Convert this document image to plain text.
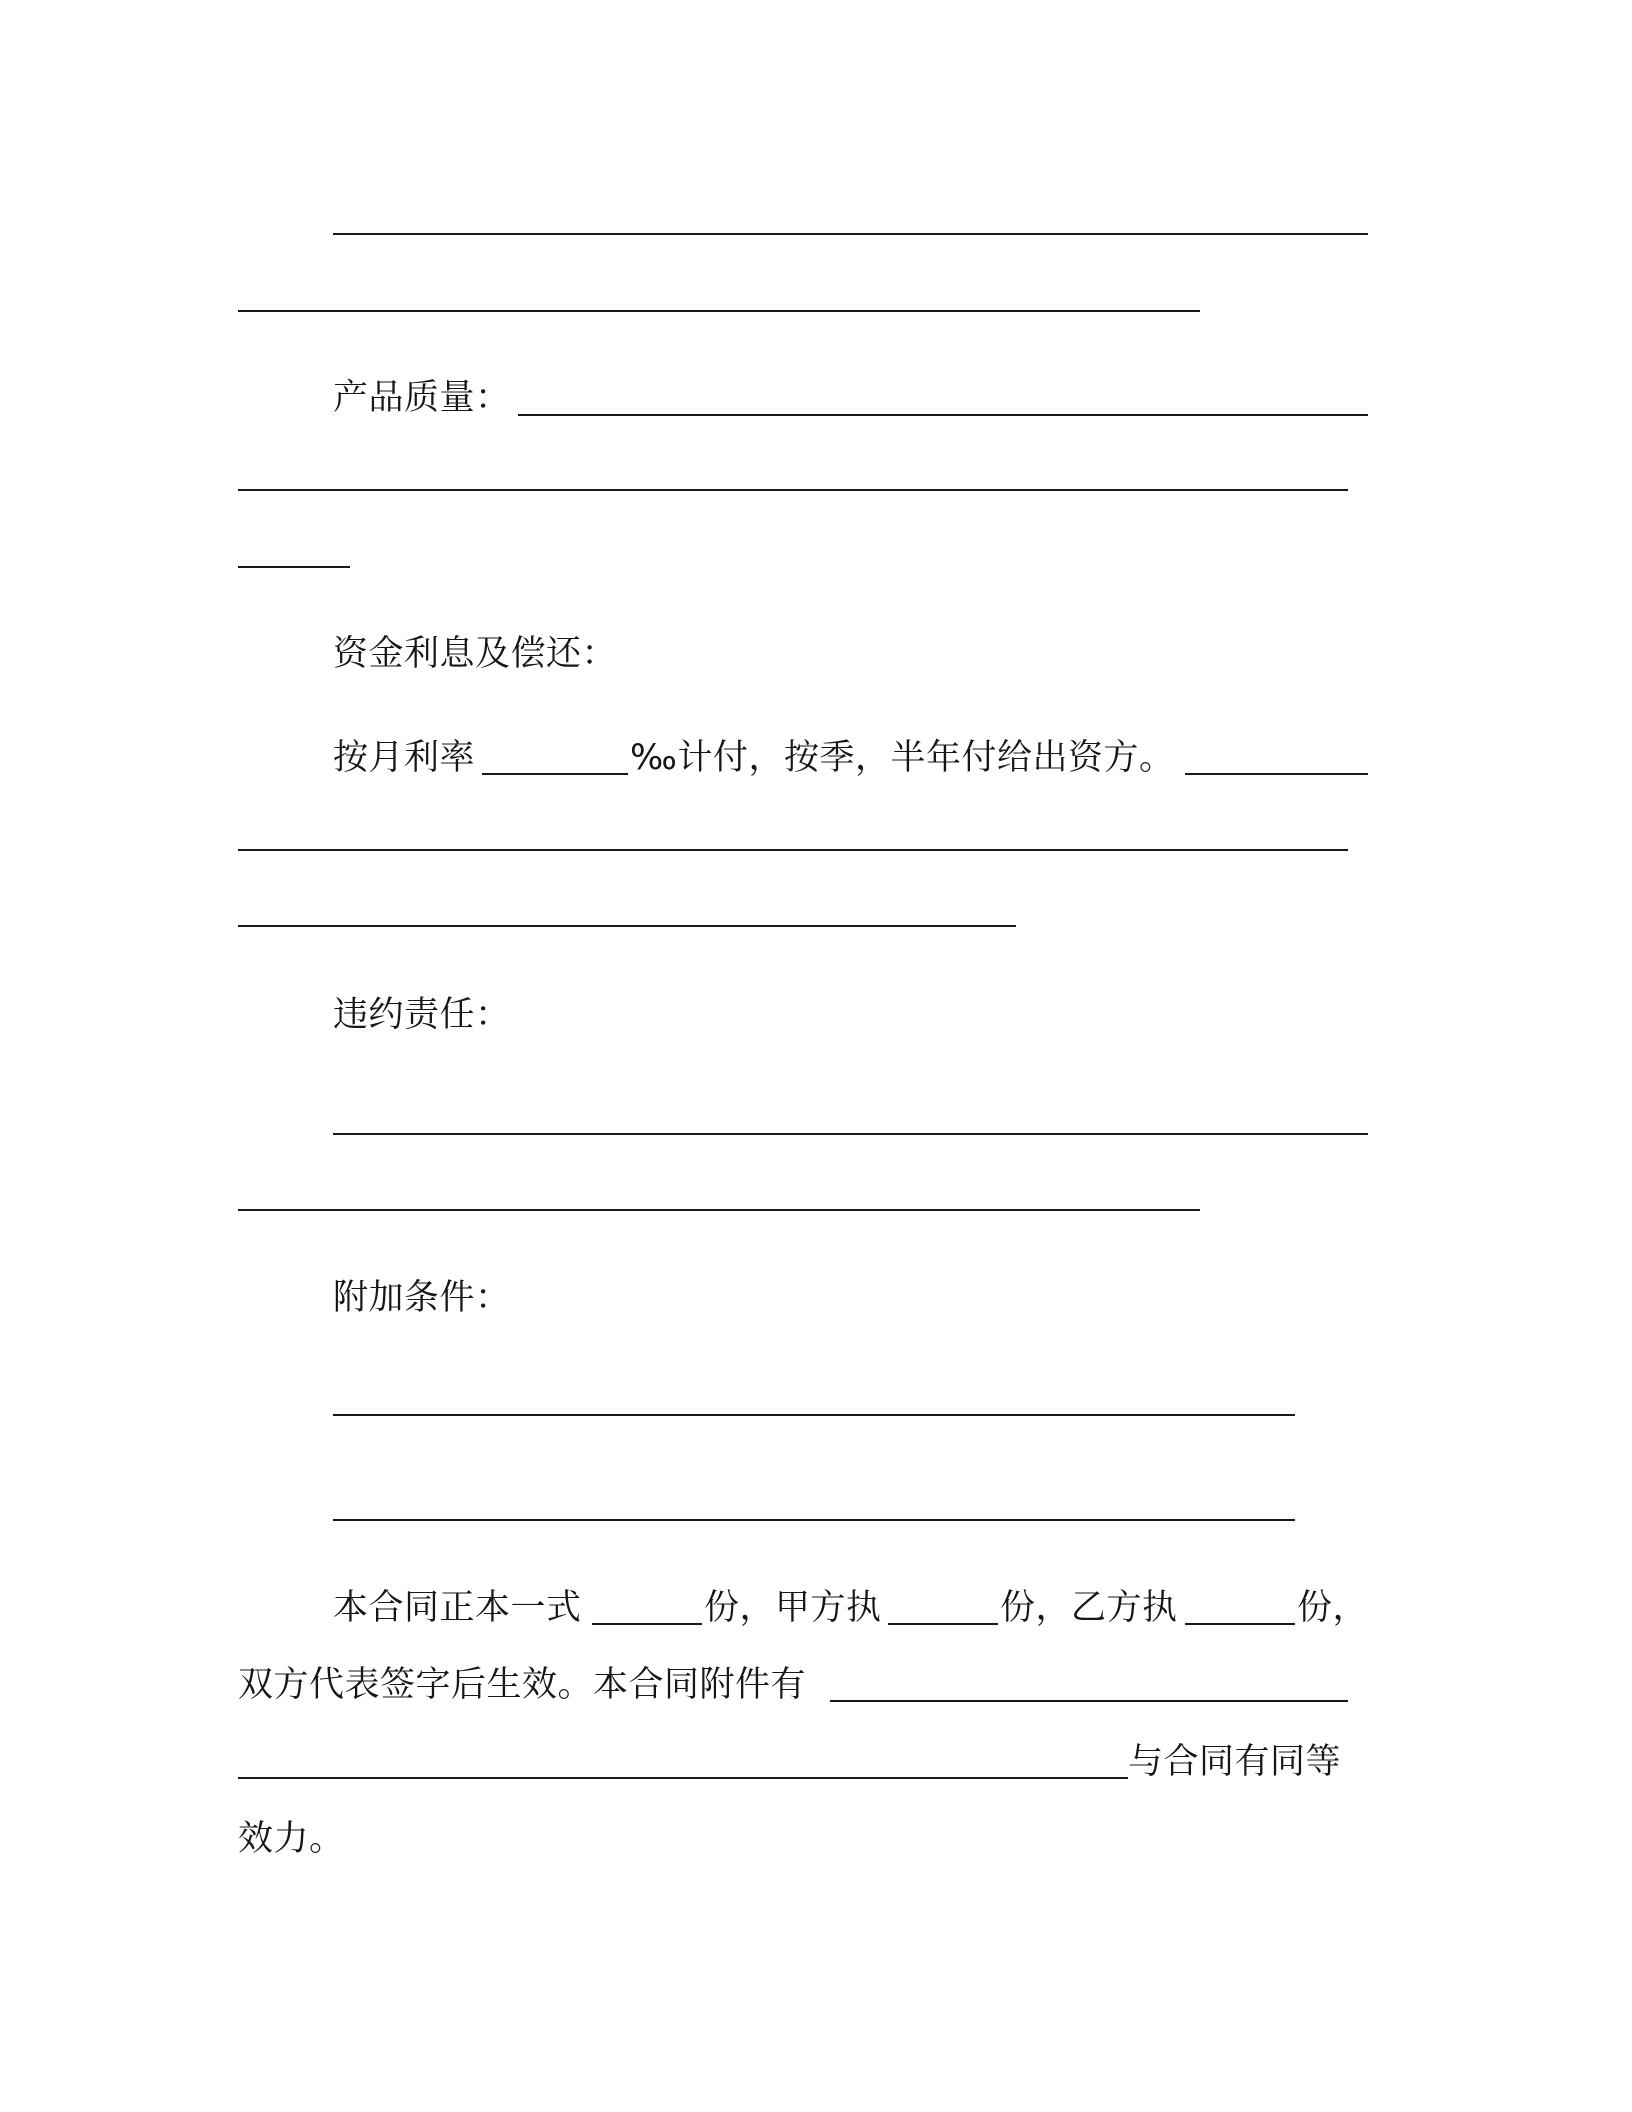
产品质量：
资金利息及偿还：
按月利率	‰计付，按季，半年付给出资方。
违约责任：
附加条件：
本合同正本一式	份，甲方执	份，乙方执	份，
双方代表签字后生效。本合同附件有
与合同有同等
效力。
